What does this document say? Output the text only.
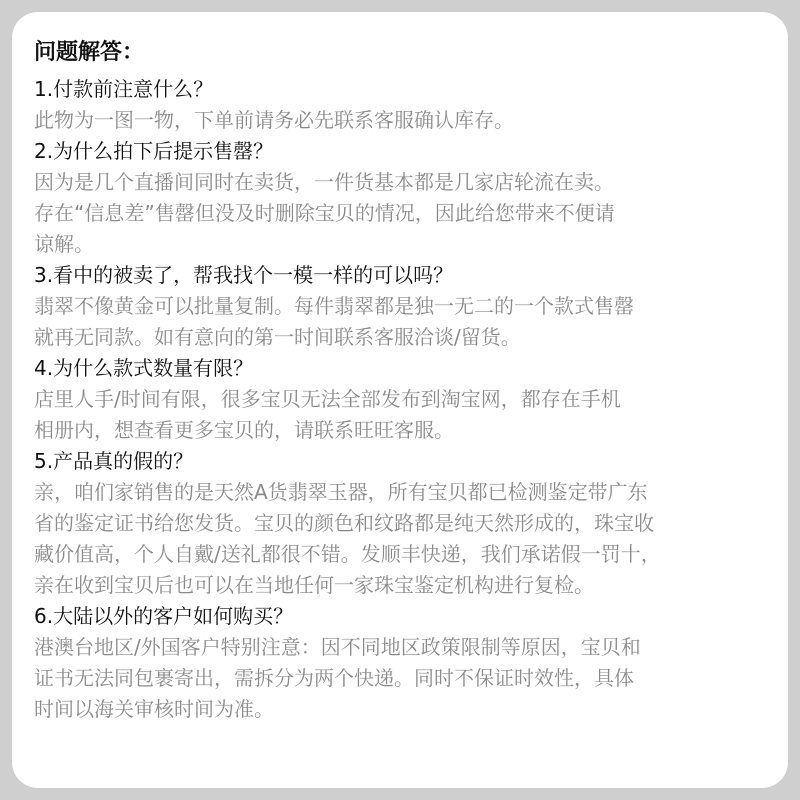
问题解答：
1.付款前注意什么？
此物为一图一物，下单前请务必先联系客服确认库存。
2.为什么拍下后提示售罄？
因为是几个直播间同时在卖货，一件货基本都是几家店轮流在卖。
存在“信息差”售罄但没及时删除宝贝的情况，因此给您带来不便请
谅解。
3.看中的被卖了，帮我找个一模一样的可以吗？
翡翠不像黄金可以批量复制。每件翡翠都是独一无二的一个款式售罄
就再无同款。如有意向的第一时间联系客服洽谈/留货。
4.为什么款式数量有限？
店里人手/时间有限，很多宝贝无法全部发布到淘宝网，都存在手机
相册内，想查看更多宝贝的，请联系旺旺客服。
5.产品真的假的？
亲，咱们家销售的是天然A货翡翠玉器，所有宝贝都已检测鉴定带广东
省的鉴定证书给您发货。宝贝的颜色和纹路都是纯天然形成的，珠宝收
藏价值高，个人自戴/送礼都很不错。发顺丰快递，我们承诺假一罚十，
亲在收到宝贝后也可以在当地任何一家珠宝鉴定机构进行复检。
6.大陆以外的客户如何购买？
港澳台地区/外国客户特别注意：因不同地区政策限制等原因，宝贝和
证书无法同包裹寄出，需拆分为两个快递。同时不保证时效性，具体
时间以海关审核时间为准。
